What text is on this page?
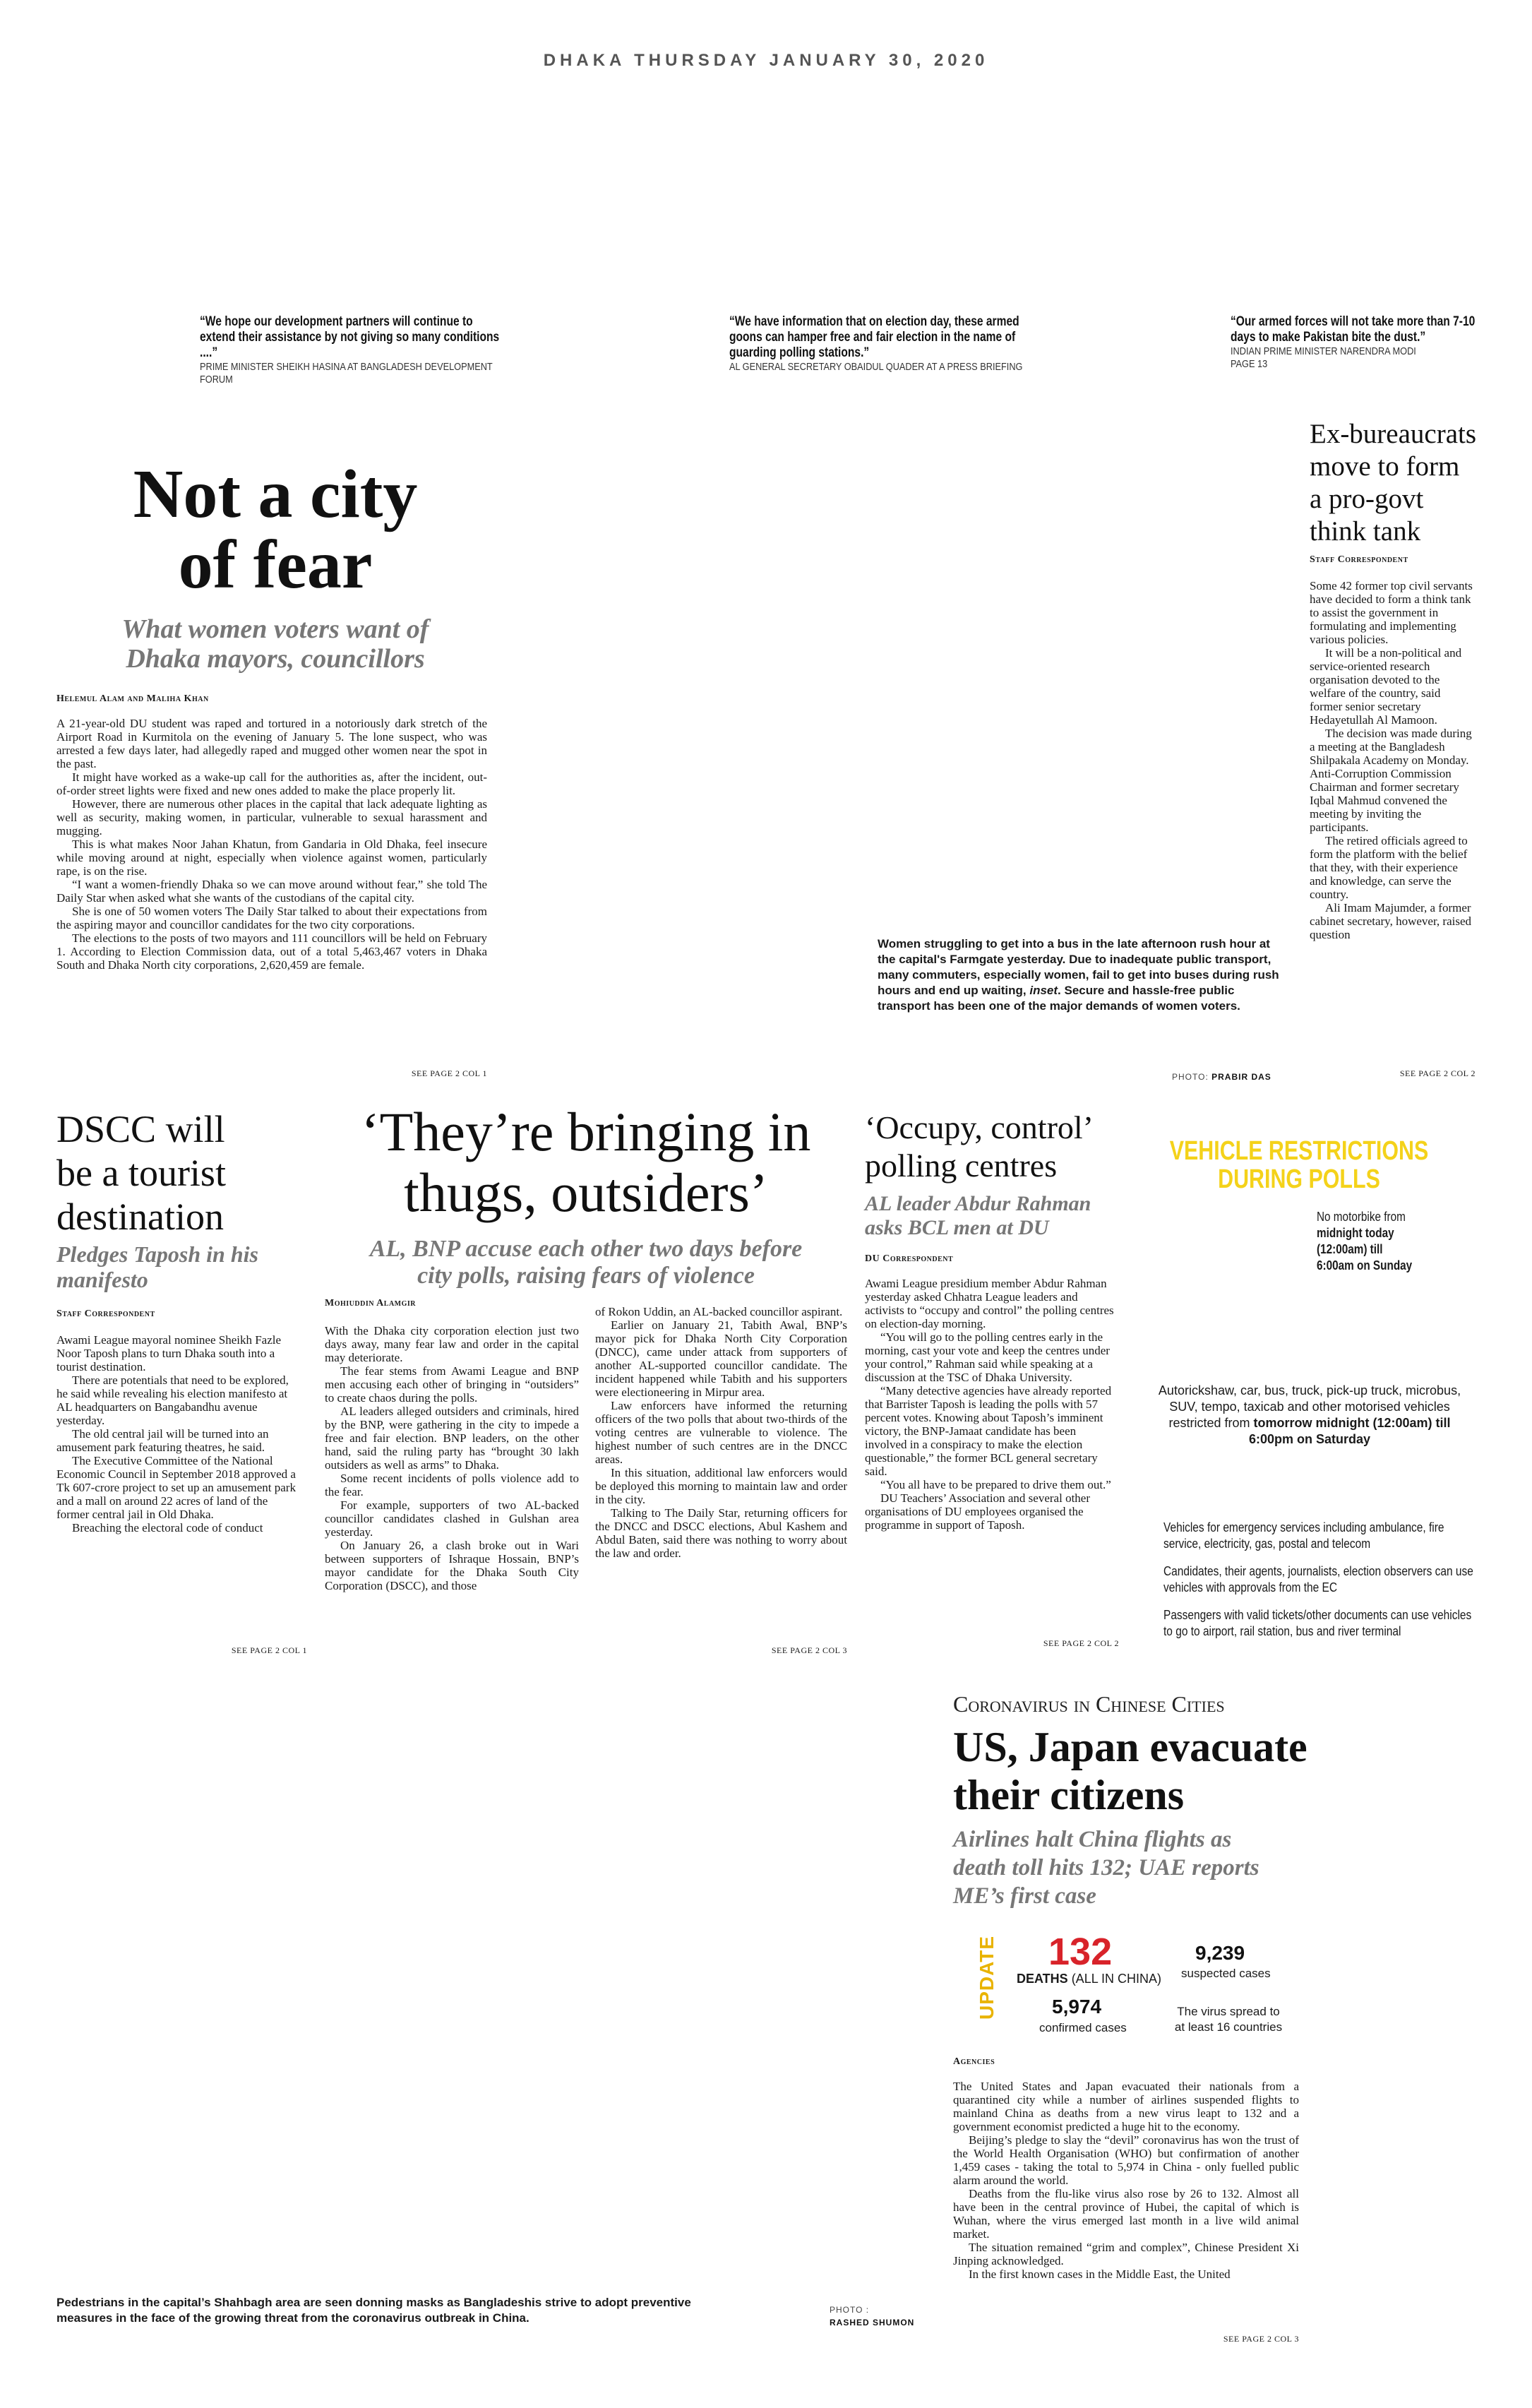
DHAKA THURSDAY JANUARY 30, 2020
“We hope our development partners will continue to extend their assistance by not giving so many conditions ....”
PRIME MINISTER SHEIKH HASINA AT BANGLADESH DEVELOPMENT FORUM
“We have information that on election day, these armed goons can hamper free and fair election in the name of guarding polling stations.”
AL GENERAL SECRETARY OBAIDUL QUADER AT A PRESS BRIEFING
“Our armed forces will not take more than 7-10 days to make Pakistan bite the dust.”
INDIAN PRIME MINISTER NARENDRA MODI
PAGE 13
Not a city
of fear
What women voters want of
Dhaka mayors, councillors
Helemul Alam and Maliha Khan

A 21-year-old DU student was raped and tortured in a notoriously dark stretch of the Airport Road in Kurmitola on the evening of January 5. The lone suspect, who was arrested a few days later, had allegedly raped and mugged other women near the spot in the past.

It might have worked as a wake-up call for the authorities as, after the incident, out-of-order street lights were fixed and new ones added to make the place properly lit.

However, there are numerous other places in the capital that lack adequate lighting as well as security, making women, in particular, vulnerable to sexual harassment and mugging.

This is what makes Noor Jahan Khatun, from Gandaria in Old Dhaka, feel insecure while moving around at night, especially when violence against women, particularly rape, is on the rise.

“I want a women-friendly Dhaka so we can move around without fear,” she told The Daily Star when asked what she wants of the custodians of the capital city.

She is one of 50 women voters The Daily Star talked to about their expectations from the aspiring mayor and councillor candidates for the two city corporations.

The elections to the posts of two mayors and 111 councillors will be held on February 1. According to Election Commission data, out of a total 5,463,467 voters in Dhaka South and Dhaka North city corporations, 2,620,459 are female.

SEE PAGE 2 COL 1
Women struggling to get into a bus in the late afternoon rush hour at the capital's Farmgate yesterday. Due to inadequate public transport, many commuters, especially women, fail to get into buses during rush hours and end up waiting, inset. Secure and hassle-free public transport has been one of the major demands of women voters.
PHOTO: PRABIR DAS
Ex-bureaucrats
move to form
a pro-govt
think tank
Staff Correspondent

Some 42 former top civil servants have decided to form a think tank to assist the government in formulating and implementing various policies.

It will be a non-political and service-oriented research organisation devoted to the welfare of the country, said former senior secretary Hedayetullah Al Mamoon.

The decision was made during a meeting at the Bangladesh Shilpakala Academy on Monday. Anti-Corruption Commission Chairman and former secretary Iqbal Mahmud convened the meeting by inviting the participants.

The retired officials agreed to form the platform with the belief that they, with their experience and knowledge, can serve the country.

Ali Imam Majumder, a former cabinet secretary, however, raised question

SEE PAGE 2 COL 2
DSCC will
be a tourist
destination
Pledges Taposh in his
manifesto
Staff Correspondent

Awami League mayoral nominee Sheikh Fazle Noor Taposh plans to turn Dhaka south into a tourist destination.

There are potentials that need to be explored, he said while revealing his election manifesto at AL headquarters on Bangabandhu avenue yesterday.

The old central jail will be turned into an amusement park featuring theatres, he said.

The Executive Committee of the National Economic Council in September 2018 approved a Tk 607-crore project to set up an amusement park and a mall on around 22 acres of land of the former central jail in Old Dhaka.

Breaching the electoral code of conduct

SEE PAGE 2 COL 1
‘They’re bringing in
thugs, outsiders’
AL, BNP accuse each other two days before
city polls, raising fears of violence
Mohiuddin Alamgir

With the Dhaka city corporation election just two days away, many fear law and order in the capital may deteriorate.

The fear stems from Awami League and BNP men accusing each other of bringing in “outsiders” to create chaos during the polls.

AL leaders alleged outsiders and criminals, hired by the BNP, were gathering in the city to impede a free and fair election. BNP leaders, on the other hand, said the ruling party has “brought 30 lakh outsiders as well as arms” to Dhaka.

Some recent incidents of polls violence add to the fear.

For example, supporters of two AL-backed councillor candidates clashed in Gulshan area yesterday.

On January 26, a clash broke out in Wari between supporters of Ishraque Hossain, BNP’s mayor candidate for the Dhaka South City Corporation (DSCC), and those

of Rokon Uddin, an AL-backed councillor aspirant.

Earlier on January 21, Tabith Awal, BNP’s mayor pick for Dhaka North City Corporation (DNCC), came under attack from supporters of another AL-supported councillor candidate. The incident happened while Tabith and his supporters were electioneering in Mirpur area.

Law enforcers have informed the returning officers of the two polls that about two-thirds of the voting centres are vulnerable to violence. The highest number of such centres are in the DNCC areas.

In this situation, additional law enforcers would be deployed this morning to maintain law and order in the city.

Talking to The Daily Star, returning officers for the DNCC and DSCC elections, Abul Kashem and Abdul Baten, said there was nothing to worry about the law and order.

SEE PAGE 2 COL 3
‘Occupy, control’
polling centres
AL leader Abdur Rahman
asks BCL men at DU
DU Correspondent

Awami League presidium member Abdur Rahman yesterday asked Chhatra League leaders and activists to “occupy and control” the polling centres on election-day morning.

“You will go to the polling centres early in the morning, cast your vote and keep the centres under your control,” Rahman said while speaking at a discussion at the TSC of Dhaka University.

“Many detective agencies have already reported that Barrister Taposh is leading the polls with 57 percent votes. Knowing about Taposh’s imminent victory, the BNP-Jamaat candidate has been involved in a conspiracy to make the election questionable,” the former BCL general secretary said.

“You all have to be prepared to drive them out.”

DU Teachers’ Association and several other organisations of DU employees organised the programme in support of Taposh.

SEE PAGE 2 COL 2
VEHICLE RESTRICTIONS
DURING POLLS
No motorbike from
midnight today
(12:00am) till
6:00am on Sunday
Autorickshaw, car, bus, truck, pick-up truck, microbus, SUV, tempo, taxicab and other motorised vehicles restricted from tomorrow midnight (12:00am) till
6:00pm on Saturday
Vehicles for emergency services including ambulance, fire service, electricity, gas, postal and telecom
Candidates, their agents, journalists, election observers can use vehicles with approvals from the EC
Passengers with valid tickets/other documents can use vehicles to go to airport, rail station, bus and river terminal
Coronavirus in Chinese Cities
US, Japan evacuate
their citizens
Airlines halt China flights as
death toll hits 132; UAE reports
ME’s first case
UPDATE 132
DEATHS (ALL IN CHINA)
5,974
confirmed cases
9,239
suspected cases
The virus spread to
at least 16 countries
Agencies

The United States and Japan evacuated their nationals from a quarantined city while a number of airlines suspended flights to mainland China as deaths from a new virus leapt to 132 and a government economist predicted a huge hit to the economy.

Beijing’s pledge to slay the “devil” coronavirus has won the trust of the World Health Organisation (WHO) but confirmation of another 1,459 cases - taking the total to 5,974 in China - only fuelled public alarm around the world.

Deaths from the flu-like virus also rose by 26 to 132. Almost all have been in the central province of Hubei, the capital of which is Wuhan, where the virus emerged last month in a live wild animal market.

The situation remained “grim and complex”, Chinese President Xi Jinping acknowledged.

In the first known cases in the Middle East, the United

SEE PAGE 2 COL 3
Pedestrians in the capital’s Shahbagh area are seen donning masks as Bangladeshis strive to adopt preventive
measures in the face of the growing threat from the coronavirus outbreak in China.
PHOTO :
RASHED SHUMON
